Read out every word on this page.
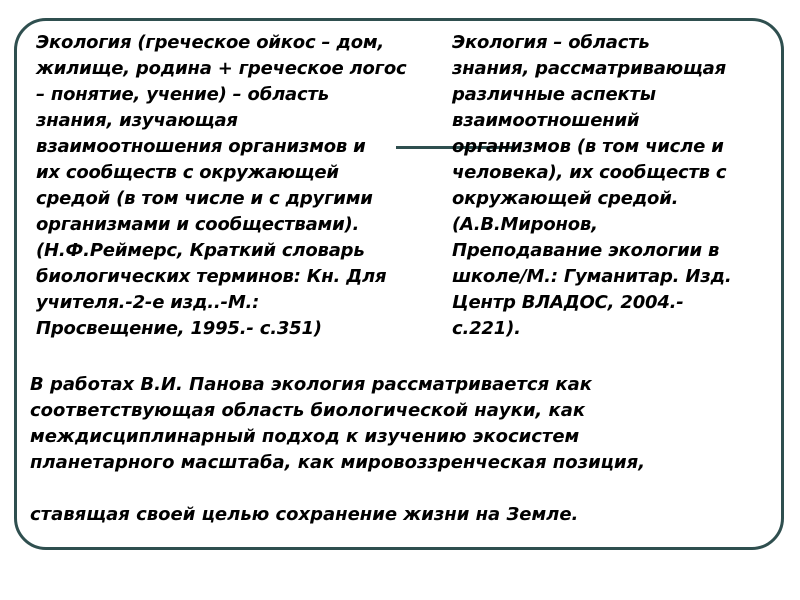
Экология (греческое ойкос – дом,
жилище, родина + греческое логос
– понятие, учение) – область
знания, изучающая
взаимоотношения организмов и
их сообществ с окружающей
средой (в том числе и с другими
организмами и сообществами).
(Н.Ф.Реймерс, Краткий словарь
биологических терминов: Кн. Для
учителя.-2-е изд..-М.:
Просвещение, 1995.- с.351)
Экология – область
знания, рассматривающая
различные аспекты
взаимоотношений
организмов (в том числе и
человека), их сообществ с
окружающей средой.
(А.В.Миронов,
Преподавание экологии в
школе/М.: Гуманитар. Изд.
Центр ВЛАДОС, 2004.-
с.221).
В работах В.И. Панова экология рассматривается как
соответствующая область биологической науки, как
междисциплинарный подход к изучению экосистем
планетарного масштаба, как мировоззренческая позиция,
ставящая своей целью сохранение жизни на Земле.
